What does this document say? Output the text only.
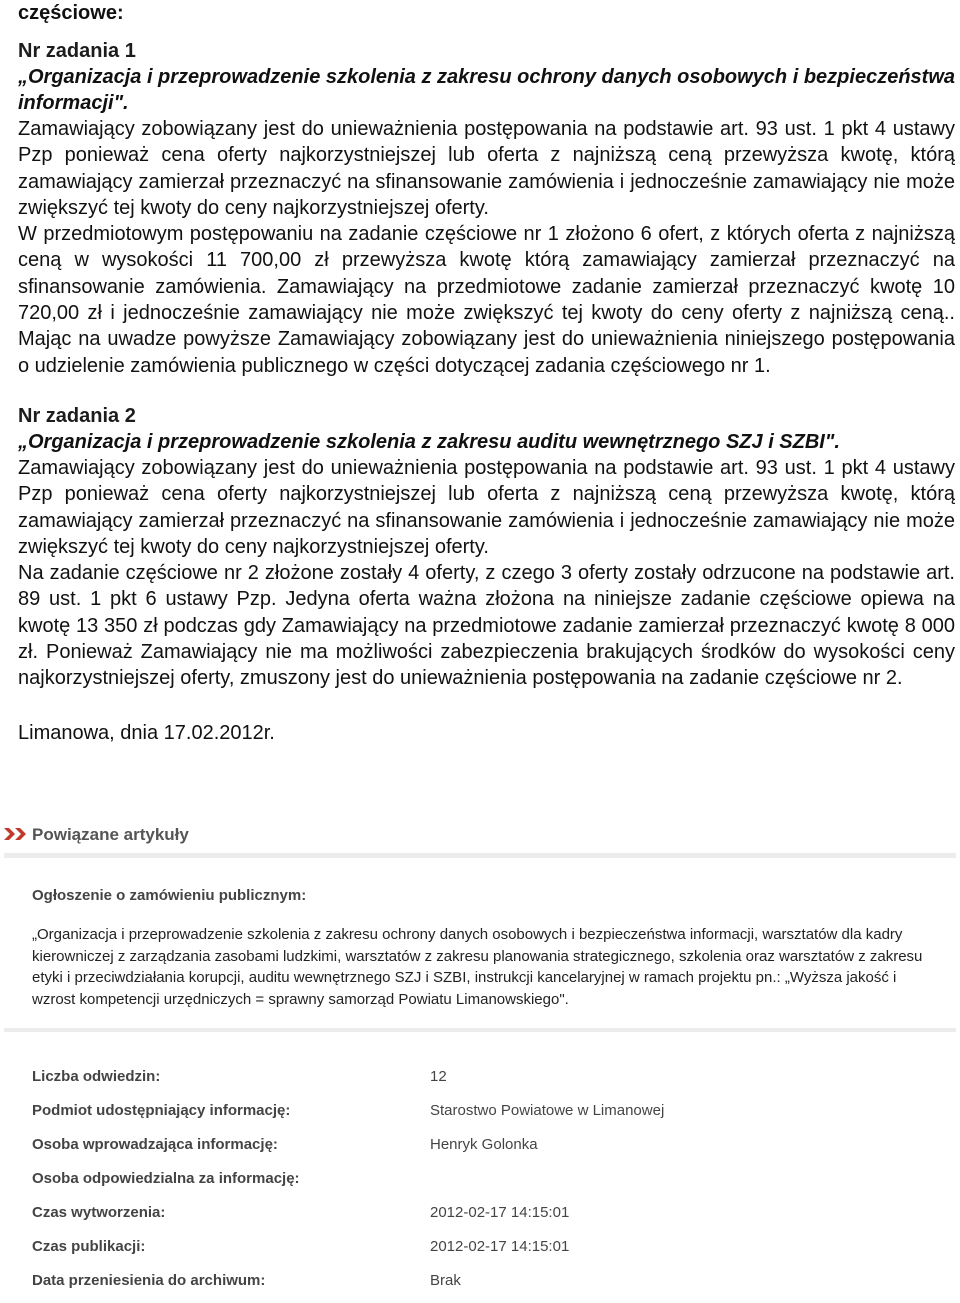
częściowe:
Nr zadania 1
„Organizacja i przeprowadzenie szkolenia z zakresu ochrony danych osobowych i bezpieczeństwa informacji".

Zamawiający zobowiązany jest do unieważnienia postępowania na podstawie art. 93 ust. 1 pkt 4 ustawy Pzp ponieważ cena oferty najkorzystniejszej lub oferta z najniższą ceną przewyższa kwotę, którą zamawiający zamierzał przeznaczyć na sfinansowanie zamówienia i jednocześnie zamawiający nie może zwiększyć tej kwoty do ceny najkorzystniejszej oferty.

W przedmiotowym postępowaniu na zadanie częściowe nr 1 złożono 6 ofert, z których oferta z najniższą ceną w wysokości 11 700,00 zł przewyższa kwotę którą zamawiający zamierzał przeznaczyć na sfinansowanie zamówienia. Zamawiający na przedmiotowe zadanie zamierzał przeznaczyć kwotę 10 720,00 zł i jednocześnie zamawiający nie może zwiększyć tej kwoty do ceny oferty z najniższą ceną.. Mając na uwadze powyższe Zamawiający zobowiązany jest do unieważnienia niniejszego postępowania o udzielenie zamówienia publicznego w części dotyczącej zadania częściowego nr 1.

Nr zadania 2
„Organizacja i przeprowadzenie szkolenia z zakresu auditu wewnętrznego SZJ i SZBI".

Zamawiający zobowiązany jest do unieważnienia postępowania na podstawie art. 93 ust. 1 pkt 4 ustawy Pzp ponieważ cena oferty najkorzystniejszej lub oferta z najniższą ceną przewyższa kwotę, którą zamawiający zamierzał przeznaczyć na sfinansowanie zamówienia i jednocześnie zamawiający nie może zwiększyć tej kwoty do ceny najkorzystniejszej oferty.

Na zadanie częściowe nr 2 złożone zostały 4 oferty, z czego 3 oferty zostały odrzucone na podstawie art. 89 ust. 1 pkt 6 ustawy Pzp. Jedyna oferta ważna złożona na niniejsze zadanie częściowe opiewa na kwotę 13 350 zł podczas gdy Zamawiający na przedmiotowe zadanie zamierzał przeznaczyć kwotę 8 000 zł. Ponieważ Zamawiający nie ma możliwości zabezpieczenia brakujących środków do wysokości ceny najkorzystniejszej oferty, zmuszony jest do unieważnienia postępowania na zadanie częściowe nr 2.

Limanowa, dnia 17.02.2012r.
Powiązane artykuły
Ogłoszenie o zamówieniu publicznym:
„Organizacja i przeprowadzenie szkolenia z zakresu ochrony danych osobowych i bezpieczeństwa informacji, warsztatów dla kadry kierowniczej z zarządzania zasobami ludzkimi, warsztatów z zakresu planowania strategicznego, szkolenia oraz warsztatów z zakresu etyki i przeciwdziałania korupcji, auditu wewnętrznego SZJ i SZBI, instrukcji kancelaryjnej w ramach projektu pn.: „Wyższa jakość i wzrost kompetencji urzędniczych = sprawny samorząd Powiatu Limanowskiego".
Liczba odwiedzin:	12
Podmiot udostępniający informację:	Starostwo Powiatowe w Limanowej
Osoba wprowadzająca informację:	Henryk Golonka
Osoba odpowiedzialna za informację:
Czas wytworzenia:	2012-02-17 14:15:01
Czas publikacji:	2012-02-17 14:15:01
Data przeniesienia do archiwum:	Brak
